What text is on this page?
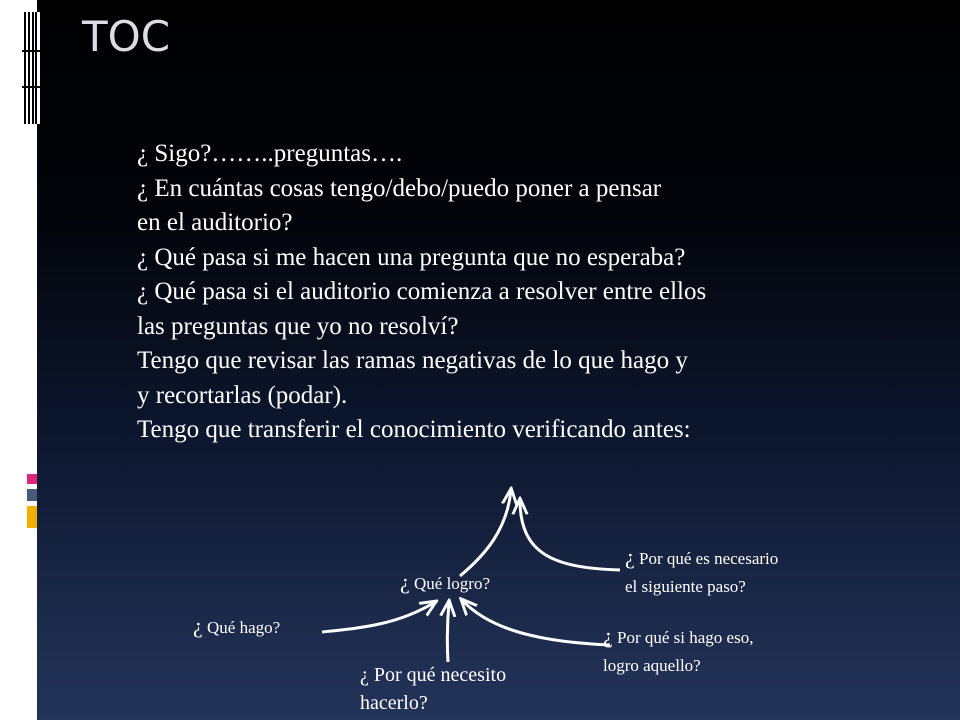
TOC
¿ Sigo?……..preguntas….
¿ En cuántas cosas tengo/debo/puedo poner a pensar
en el auditorio?
¿ Qué pasa si me hacen una pregunta que no esperaba?
¿ Qué pasa si el auditorio comienza a resolver entre ellos
las preguntas que yo no resolví?
Tengo que revisar las ramas negativas de lo que hago y
y recortarlas (podar).
Tengo que transferir el conocimiento verificando antes:
¿ Qué logro?
¿ Por qué es necesario
el siguiente paso?
¿ Qué hago?	¿ Por qué si hago eso,
logro aquello?
¿ Por qué necesito
hacerlo?
